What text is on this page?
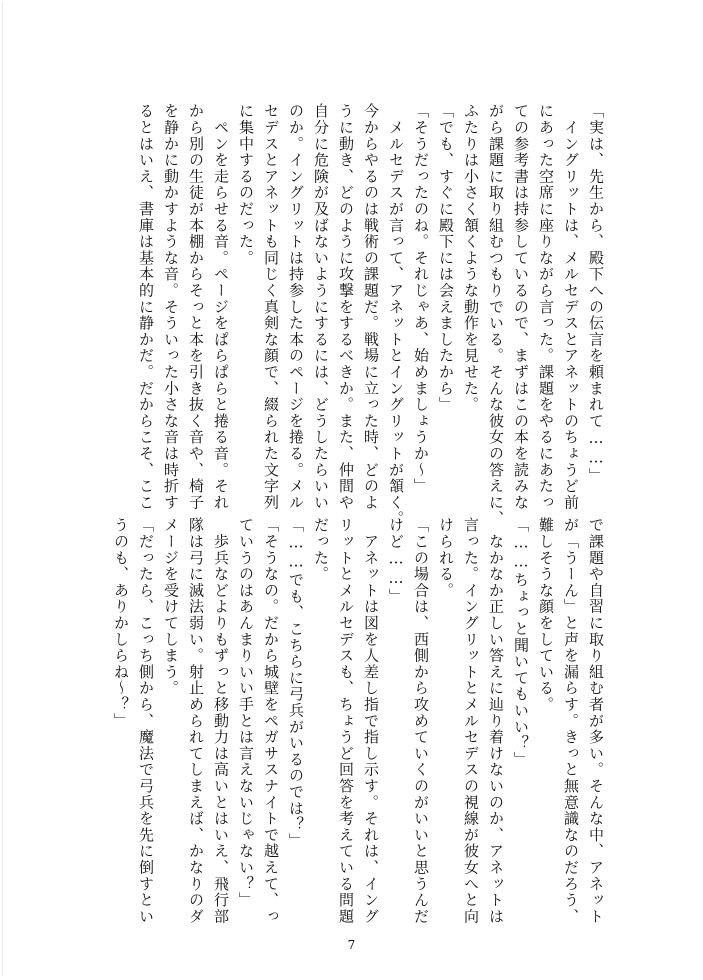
「実は、先生から、殿下への伝言を頼まれて……」

　イングリットは、メルセデスとアネットのちょうど前

にあった空席に座りながら言った。課題をやるにあたっ

ての参考書は持参しているので、まずはこの本を読みな

がら課題に取り組むつもりでいる。そんな彼女の答えに、

ふたりは小さく頷くような動作を見せた。

「でも、すぐに殿下には会えましたから」

「そうだったのね。それじゃあ、始めましょうか～」

　メルセデスが言って、アネットとイングリットが頷く。

今からやるのは戦術の課題だ。戦場に立った時、どのよ

うに動き、どのように攻撃をするべきか。また、仲間や

自分に危険が及ばないようにするには、どうしたらいい

のか。イングリットは持参した本のページを捲る。メル

セデスとアネットも同じく真剣な顔で、綴られた文字列

に集中するのだった。

　ペンを走らせる音。ページをぱらぱらと捲る音。それ

から別の生徒が本棚からそっと本を引き抜く音や、椅子

を静かに動かすような音。そういった小さな音は時折す

るとはいえ、書庫は基本的に静かだ。だからこそ、ここ

で課題や自習に取り組む者が多い。そんな中、アネット

が「うーん」と声を漏らす。きっと無意識なのだろう、

難しそうな顔をしている。

「……ちょっと聞いてもいい？」

　なかなか正しい答えに辿り着けないのか、アネットは

言った。イングリットとメルセデスの視線が彼女へと向

けられる。

「この場合は、西側から攻めていくのがいいと思うんだ

けど……」

　アネットは図を人差し指で指し示す。それは、イング

リットとメルセデスも、ちょうど回答を考えている問題

だった。

「……でも、こちらに弓兵がいるのでは？」

「そうなの。だから城壁をペガサスナイトで越えて、っ

ていうのはあんまりいい手とは言えないじゃない？」

　歩兵などよりもずっと移動力は高いとはいえ、飛行部

隊は弓に滅法弱い。射止められてしまえば、かなりのダ

メージを受けてしまう。

「だったら、こっち側から、魔法で弓兵を先に倒すとい

うのも、ありかしらね～？」

7
